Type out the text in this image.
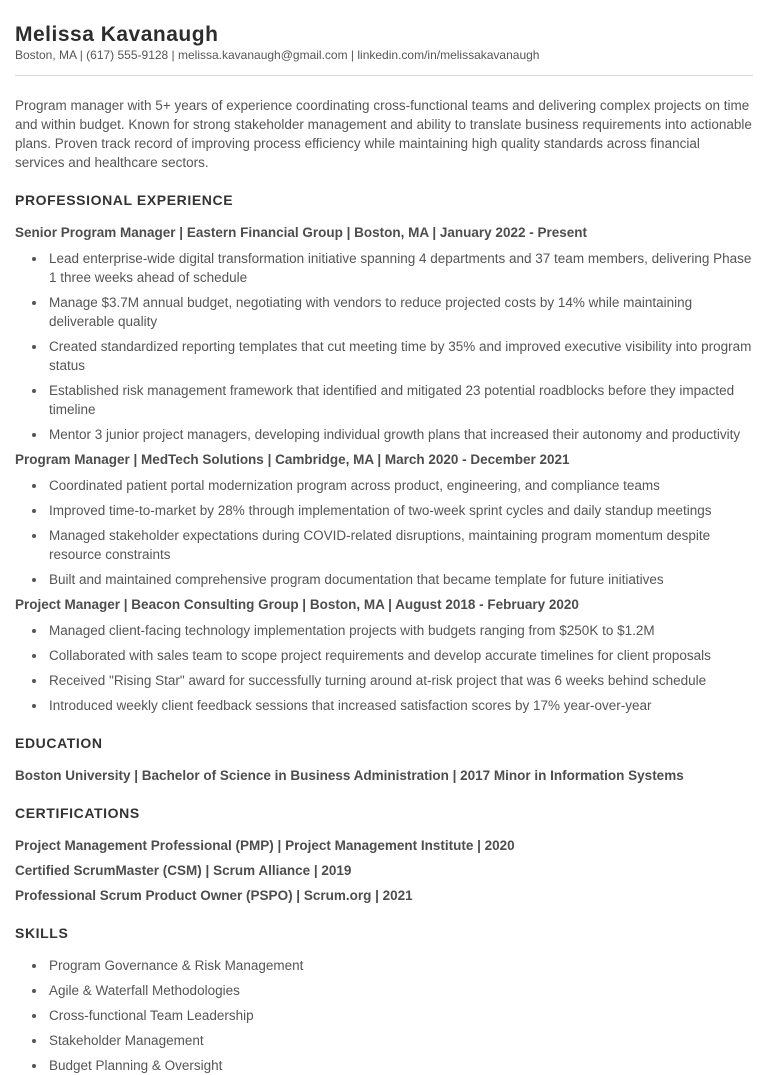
Melissa Kavanaugh

Boston, MA | (617) 555-9128 | melissa.kavanaugh@gmail.com | linkedin.com/in/melissakavanaugh

Program manager with 5+ years of experience coordinating cross-functional teams and delivering complex projects on time and within budget. Known for strong stakeholder management and ability to translate business requirements into actionable plans. Proven track record of improving process efficiency while maintaining high quality standards across financial services and healthcare sectors.

PROFESSIONAL EXPERIENCE

Senior Program Manager | Eastern Financial Group | Boston, MA | January 2022 - Present

• Lead enterprise-wide digital transformation initiative spanning 4 departments and 37 team members, delivering Phase 1 three weeks ahead of schedule
• Manage $3.7M annual budget, negotiating with vendors to reduce projected costs by 14% while maintaining deliverable quality
• Created standardized reporting templates that cut meeting time by 35% and improved executive visibility into program status
• Established risk management framework that identified and mitigated 23 potential roadblocks before they impacted timeline
• Mentor 3 junior project managers, developing individual growth plans that increased their autonomy and productivity

Program Manager | MedTech Solutions | Cambridge, MA | March 2020 - December 2021

• Coordinated patient portal modernization program across product, engineering, and compliance teams
• Improved time-to-market by 28% through implementation of two-week sprint cycles and daily standup meetings
• Managed stakeholder expectations during COVID-related disruptions, maintaining program momentum despite resource constraints
• Built and maintained comprehensive program documentation that became template for future initiatives

Project Manager | Beacon Consulting Group | Boston, MA | August 2018 - February 2020

• Managed client-facing technology implementation projects with budgets ranging from $250K to $1.2M
• Collaborated with sales team to scope project requirements and develop accurate timelines for client proposals
• Received "Rising Star" award for successfully turning around at-risk project that was 6 weeks behind schedule
• Introduced weekly client feedback sessions that increased satisfaction scores by 17% year-over-year
EDUCATION

Boston University | Bachelor of Science in Business Administration | 2017 Minor in Information Systems

CERTIFICATIONS

Project Management Professional (PMP) | Project Management Institute | 2020

Certified ScrumMaster (CSM) | Scrum Alliance | 2019

Professional Scrum Product Owner (PSPO) | Scrum.org | 2021

SKILLS
• Program Governance & Risk Management
• Agile & Waterfall Methodologies
• Cross-functional Team Leadership
• Stakeholder Management
• Budget Planning & Oversight
